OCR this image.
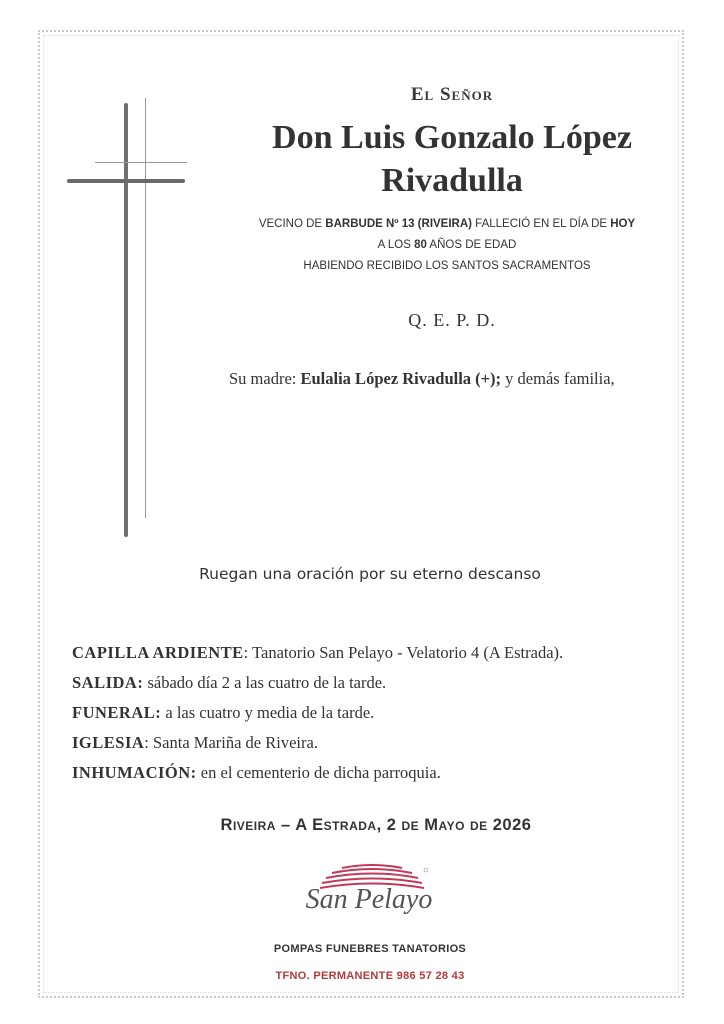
El Señor
Don Luis Gonzalo López
Rivadulla
VECINO DE BARBUDE Nº 13 (RIVEIRA) FALLECIÓ EN EL DÍA DE HOY
A LOS 80 AÑOS DE EDAD
HABIENDO RECIBIDO LOS SANTOS SACRAMENTOS
Q. E. P. D.
Su madre: Eulalia López Rivadulla (+); y demás familia,
Ruegan una oración por su eterno descanso
CAPILLA ARDIENTE: Tanatorio San Pelayo - Velatorio 4 (A Estrada).
SALIDA: sábado día 2 a las cuatro de la tarde.
FUNERAL: a las cuatro y media de la tarde.
IGLESIA: Santa Mariña de Riveira.
INHUMACIÓN: en el cementerio de dicha parroquia.
Riveira – A Estrada, 2 de Mayo de 2026
San Pelayo
POMPAS FUNEBRES TANATORIOS
TFNO. PERMANENTE 986 57 28 43
